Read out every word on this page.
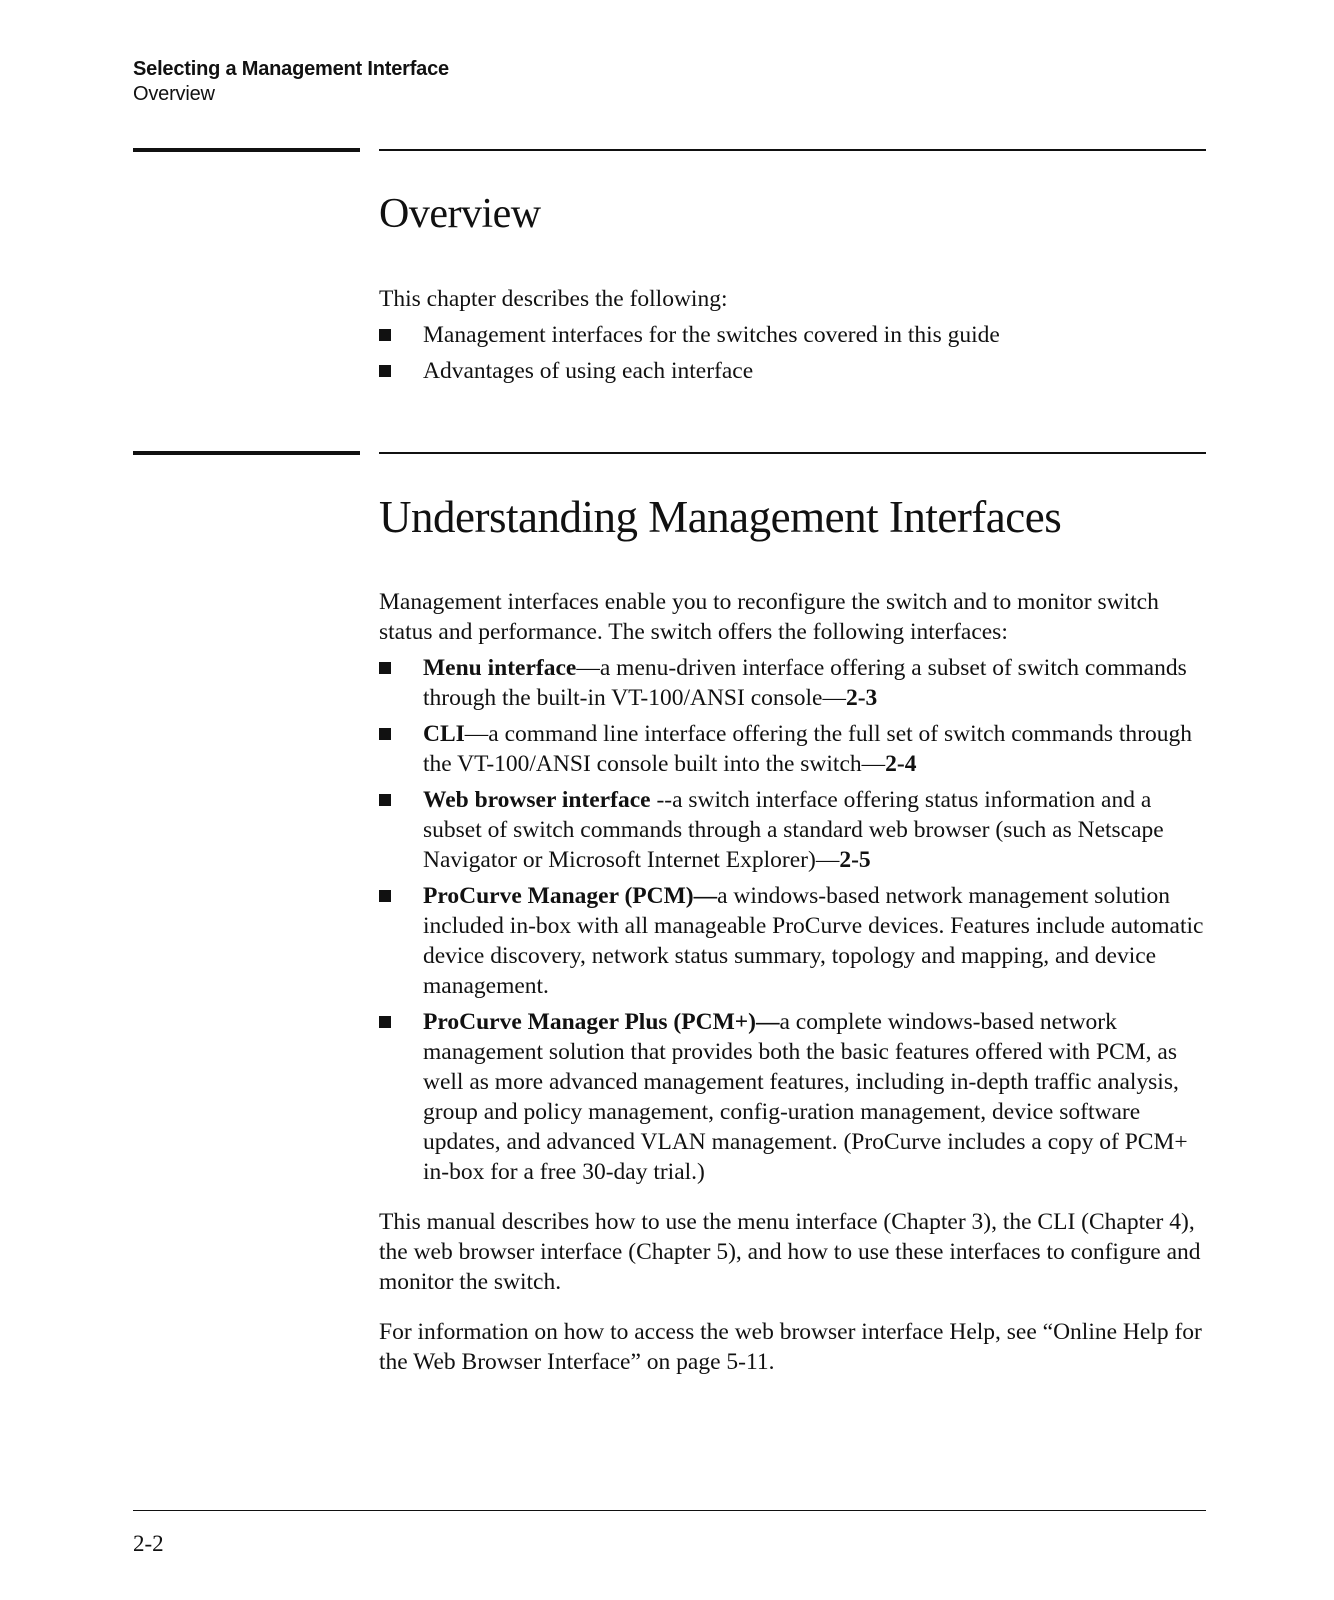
Selecting a Management Interface
Overview
Overview

This chapter describes the following:

Management interfaces for the switches covered in this guide
Advantages of using each interface
Understanding Management Interfaces

Management interfaces enable you to reconfigure the switch and to monitor switch status and performance. The switch offers the following interfaces:

Menu interface—a menu-driven interface offering a subset of switch commands through the built-in VT-100/ANSI console—2-3
CLI—a command line interface offering the full set of switch commands through the VT-100/ANSI console built into the switch—2-4
Web browser interface --a switch interface offering status information and a subset of switch commands through a standard web browser (such as Netscape Navigator or Microsoft Internet Explorer)—2-5
ProCurve Manager (PCM)—a windows-based network management solution included in-box with all manageable ProCurve devices. Features include automatic device discovery, network status summary, topology and mapping, and device management.
ProCurve Manager Plus (PCM+)—a complete windows-based network management solution that provides both the basic features offered with PCM, as well as more advanced management features, including in-depth traffic analysis, group and policy management, config-uration management, device software updates, and advanced VLAN management. (ProCurve includes a copy of PCM+ in-box for a free 30-day trial.)

This manual describes how to use the menu interface (Chapter 3), the CLI (Chapter 4), the web browser interface (Chapter 5), and how to use these interfaces to configure and monitor the switch.

For information on how to access the web browser interface Help, see “Online Help for the Web Browser Interface” on page 5-11.

2-2
